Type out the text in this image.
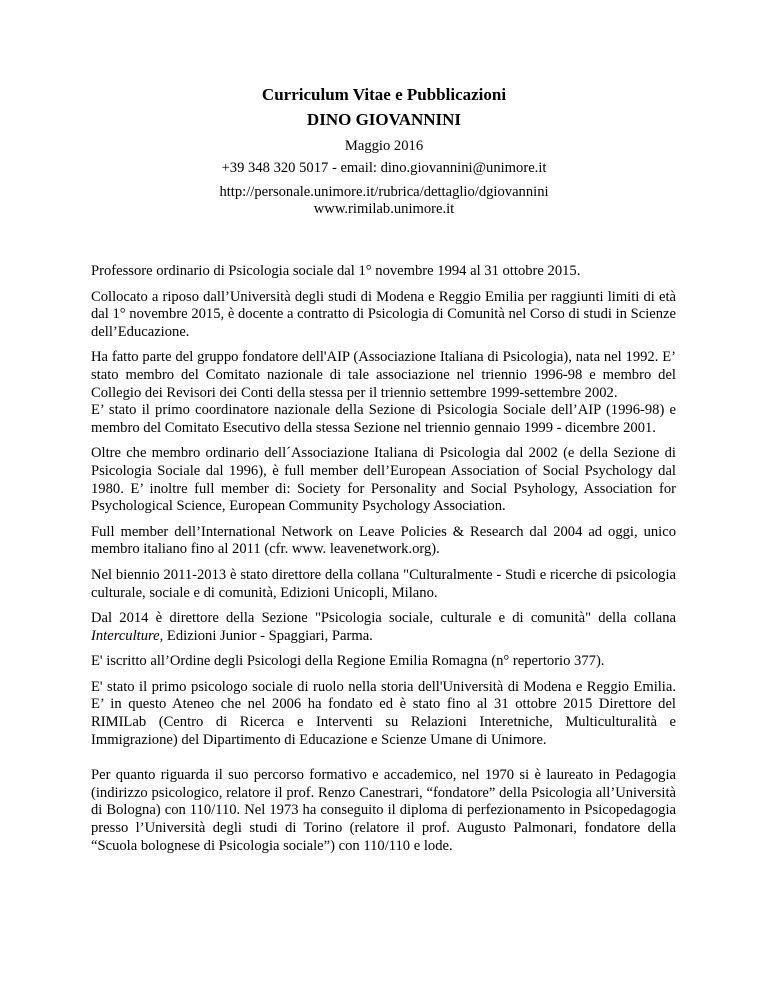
Curriculum Vitae e Pubblicazioni
DINO GIOVANNINI
Maggio 2016
+39 348 320 5017 - email: dino.giovannini@unimore.it
http://personale.unimore.it/rubrica/dettaglio/dgiovannini
www.rimilab.unimore.it

Professore ordinario di Psicologia sociale dal 1° novembre 1994 al 31 ottobre 2015.

Collocato a riposo dall’Università degli studi di Modena e Reggio Emilia per raggiunti limiti di età dal 1° novembre 2015, è docente a contratto di Psicologia di Comunità nel Corso di studi in Scienze dell’Educazione.

Ha fatto parte del gruppo fondatore dell'AIP (Associazione Italiana di Psicologia), nata nel 1992. E’ stato membro del Comitato nazionale di tale associazione nel triennio 1996-98 e membro del Collegio dei Revisori dei Conti della stessa per il triennio settembre 1999-settembre 2002.

E’ stato il primo coordinatore nazionale della Sezione di Psicologia Sociale dell’AIP (1996-98) e membro del Comitato Esecutivo della stessa Sezione nel triennio gennaio 1999 - dicembre 2001.

Oltre che membro ordinario dell´Associazione Italiana di Psicologia dal 2002 (e della Sezione di Psicologia Sociale dal 1996), è full member dell’European Association of Social Psychology dal 1980. E’ inoltre full member di: Society for Personality and Social Psyhology, Association for Psychological Science, European Community Psychology Association.

Full member dell’International Network on Leave Policies & Research dal 2004 ad oggi, unico membro italiano fino al 2011 (cfr. www. leavenetwork.org).

Nel biennio 2011-2013 è stato direttore della collana "Culturalmente - Studi e ricerche di psicologia culturale, sociale e di comunità, Edizioni Unicopli, Milano.

Dal 2014 è direttore della Sezione "Psicologia sociale, culturale e di comunità" della collana Interculture, Edizioni Junior - Spaggiari, Parma.

E' iscritto all’Ordine degli Psicologi della Regione Emilia Romagna (n° repertorio 377).

E' stato il primo psicologo sociale di ruolo nella storia dell'Università di Modena e Reggio Emilia. E’ in questo Ateneo che nel 2006 ha fondato ed è stato fino al 31 ottobre 2015 Direttore del RIMILab (Centro di Ricerca e Interventi su Relazioni Interetniche, Multiculturalità e Immigrazione) del Dipartimento di Educazione e Scienze Umane di Unimore.

Per quanto riguarda il suo percorso formativo e accademico, nel 1970 si è laureato in Pedagogia (indirizzo psicologico, relatore il prof. Renzo Canestrari, “fondatore” della Psicologia all’Università di Bologna) con 110/110. Nel 1973 ha conseguito il diploma di perfezionamento in Psicopedagogia presso l’Università degli studi di Torino (relatore il prof. Augusto Palmonari, fondatore della “Scuola bolognese di Psicologia sociale”) con 110/110 e lode.
